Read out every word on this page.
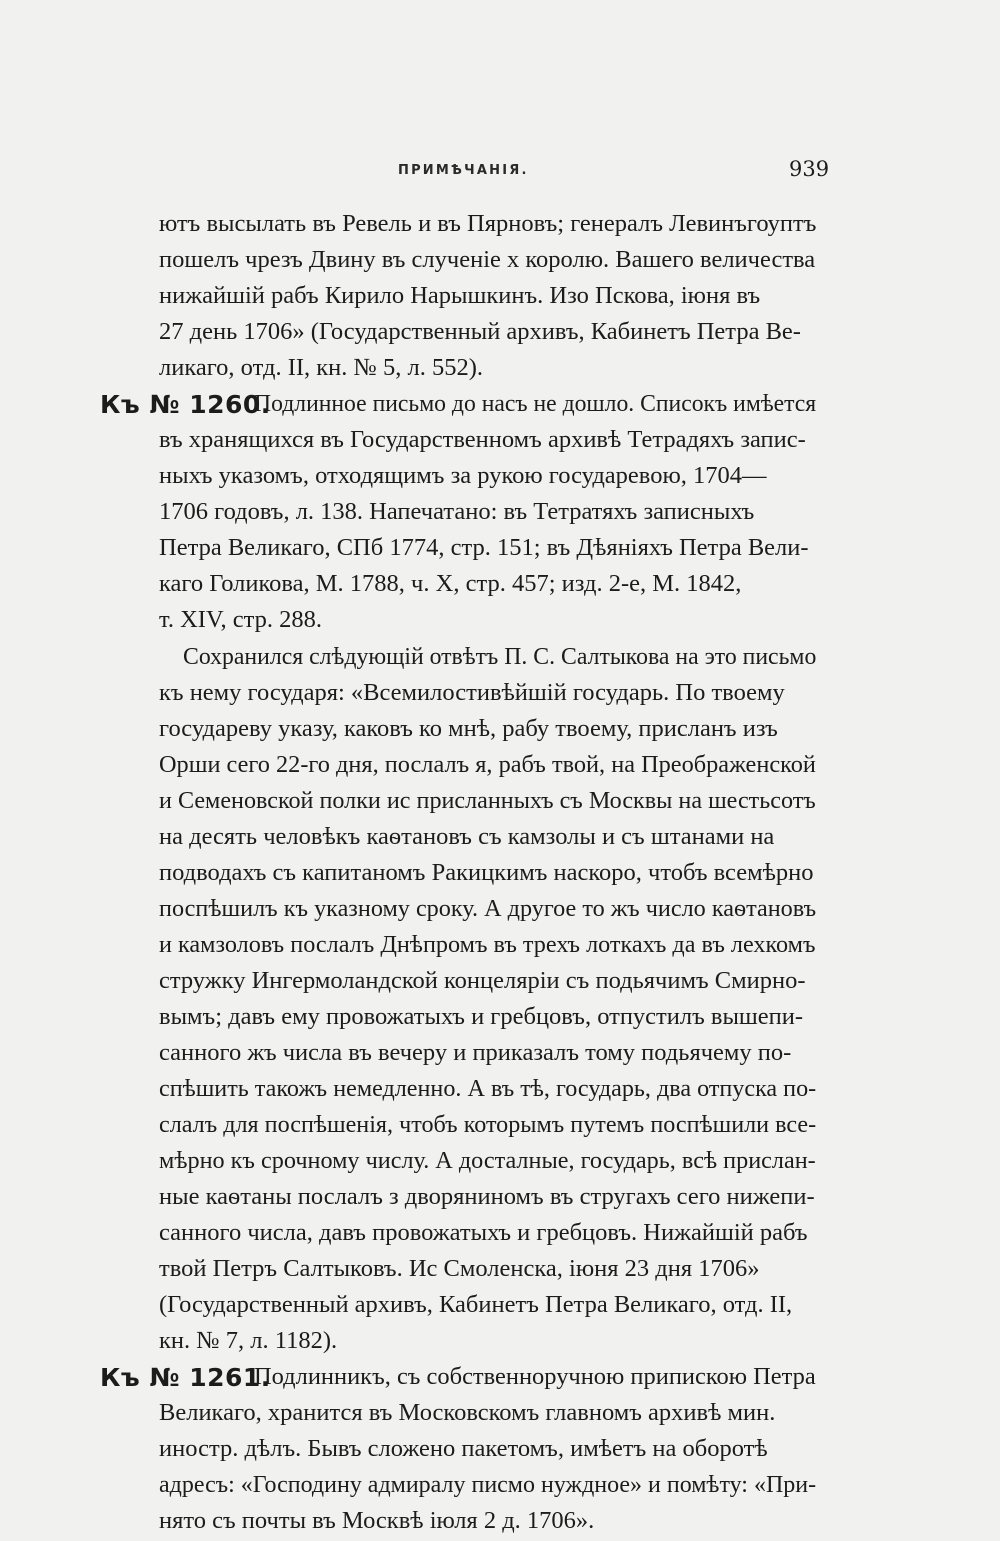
ПРИМѢЧАНІЯ.	939
ютъ высылать въ Ревель и въ Пярновъ; генералъ Левинъгоуптъ
пошелъ чрезъ Двину въ слученіе х королю. Вашего величества
нижайшій рабъ Кирило Нарышкинъ. Изо Пскова, іюня въ
27 день 1706» (Государственный архивъ, Кабинетъ Петра Ве-
ликаго, отд. II, кн. № 5, л. 552).
Къ № 1260.
Подлинное письмо до насъ не дошло. Списокъ имѣется
въ хранящихся въ Государственномъ архивѣ Тетрадяхъ запис-
ныхъ указомъ, отходящимъ за рукою государевою, 1704—
1706 годовъ, л. 138. Напечатано: въ Тетратяхъ записныхъ
Петра Великаго, СПб 1774, стр. 151; въ Дѣяніяхъ Петра Вели-
каго Голикова, М. 1788, ч. X, стр. 457; изд. 2-е, М. 1842,
т. XIV, стр. 288.
Сохранился слѣдующій отвѣтъ П. С. Салтыкова на это письмо
къ нему государя: «Всемилостивѣйшій государь. По твоему
государеву указу, каковъ ко мнѣ, рабу твоему, присланъ изъ
Орши сего 22-го дня, послалъ я, рабъ твой, на Преображенской
и Семеновской полки ис присланныхъ съ Москвы на шестьсотъ
на десять человѣкъ каѳтановъ съ камзолы и съ штанами на
подводахъ съ капитаномъ Ракицкимъ наскоро, чтобъ всемѣрно
поспѣшилъ къ указному сроку. А другое то жъ число каѳтановъ
и камзоловъ послалъ Днѣпромъ въ трехъ лоткахъ да въ лехкомъ
стружку Ингермоландской концеляріи съ подьячимъ Смирно-
вымъ; давъ ему провожатыхъ и гребцовъ, отпустилъ вышепи-
санного жъ числа въ вечеру и приказалъ тому подьячему по-
спѣшить такожъ немедленно. А въ тѣ, государь, два отпуска по-
слалъ для поспѣшенія, чтобъ которымъ путемъ поспѣшили все-
мѣрно къ срочному числу. А досталные, государь, всѣ прислан-
ные каѳтаны послалъ з дворяниномъ въ стругахъ сего нижепи-
санного числа, давъ провожатыхъ и гребцовъ. Нижайшій рабъ
твой Петръ Салтыковъ. Ис Смоленска, іюня 23 дня 1706»
(Государственный архивъ, Кабинетъ Петра Великаго, отд. II,
кн. № 7, л. 1182).
Къ № 1261.
Подлинникъ, съ собственноручною припискою Петра
Великаго, хранится въ Московскомъ главномъ архивѣ мин.
иностр. дѣлъ. Бывъ сложено пакетомъ, имѣетъ на оборотѣ
адресъ: «Господину адмиралу писмо нуждное» и помѣту: «При-
нято съ почты въ Москвѣ іюля 2 д. 1706».
